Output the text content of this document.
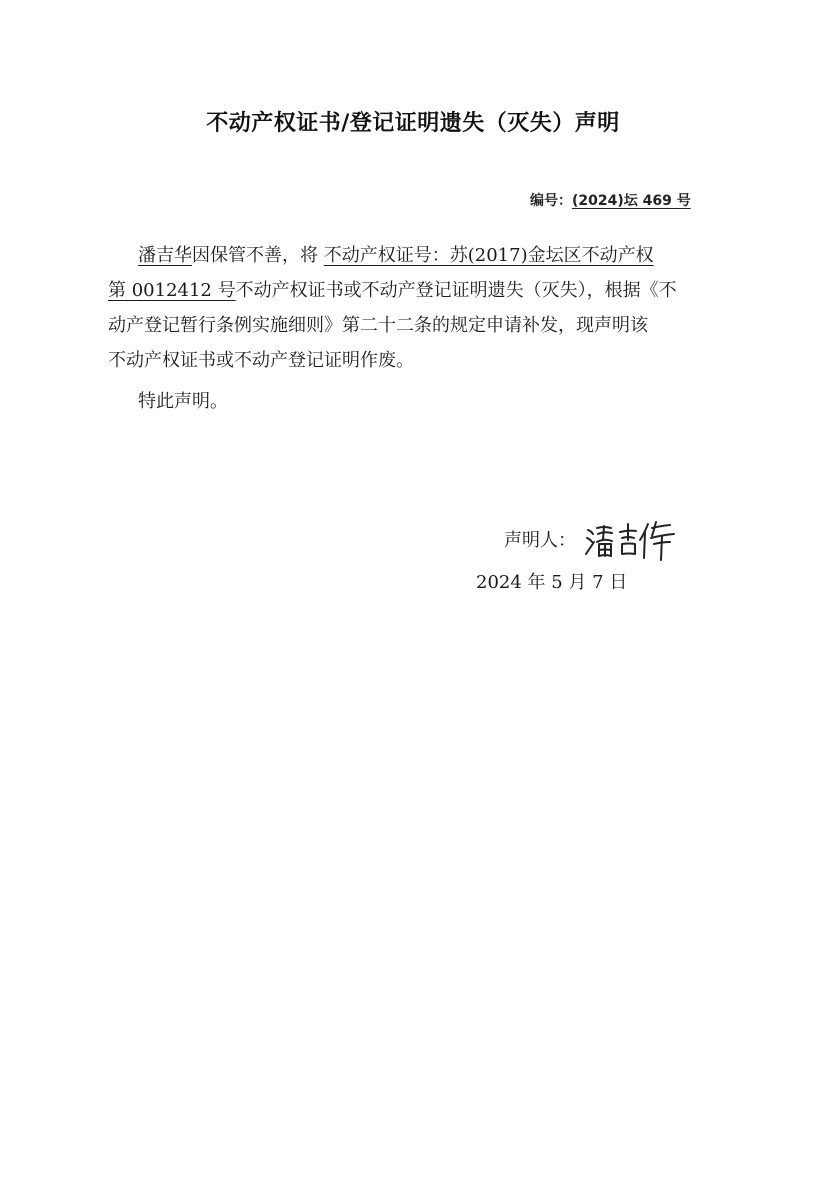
不动产权证书/登记证明遗失（灭失）声明
编号：(2024)坛 469 号
潘吉华因保管不善，将 不动产权证号：苏(2017)金坛区不动产权
第 0012412 号不动产权证书或不动产登记证明遗失（灭失），根据《不
动产登记暂行条例实施细则》第二十二条的规定申请补发，现声明该
不动产权证书或不动产登记证明作废。
特此声明。
声明人：
2024 年 5 月 7 日
